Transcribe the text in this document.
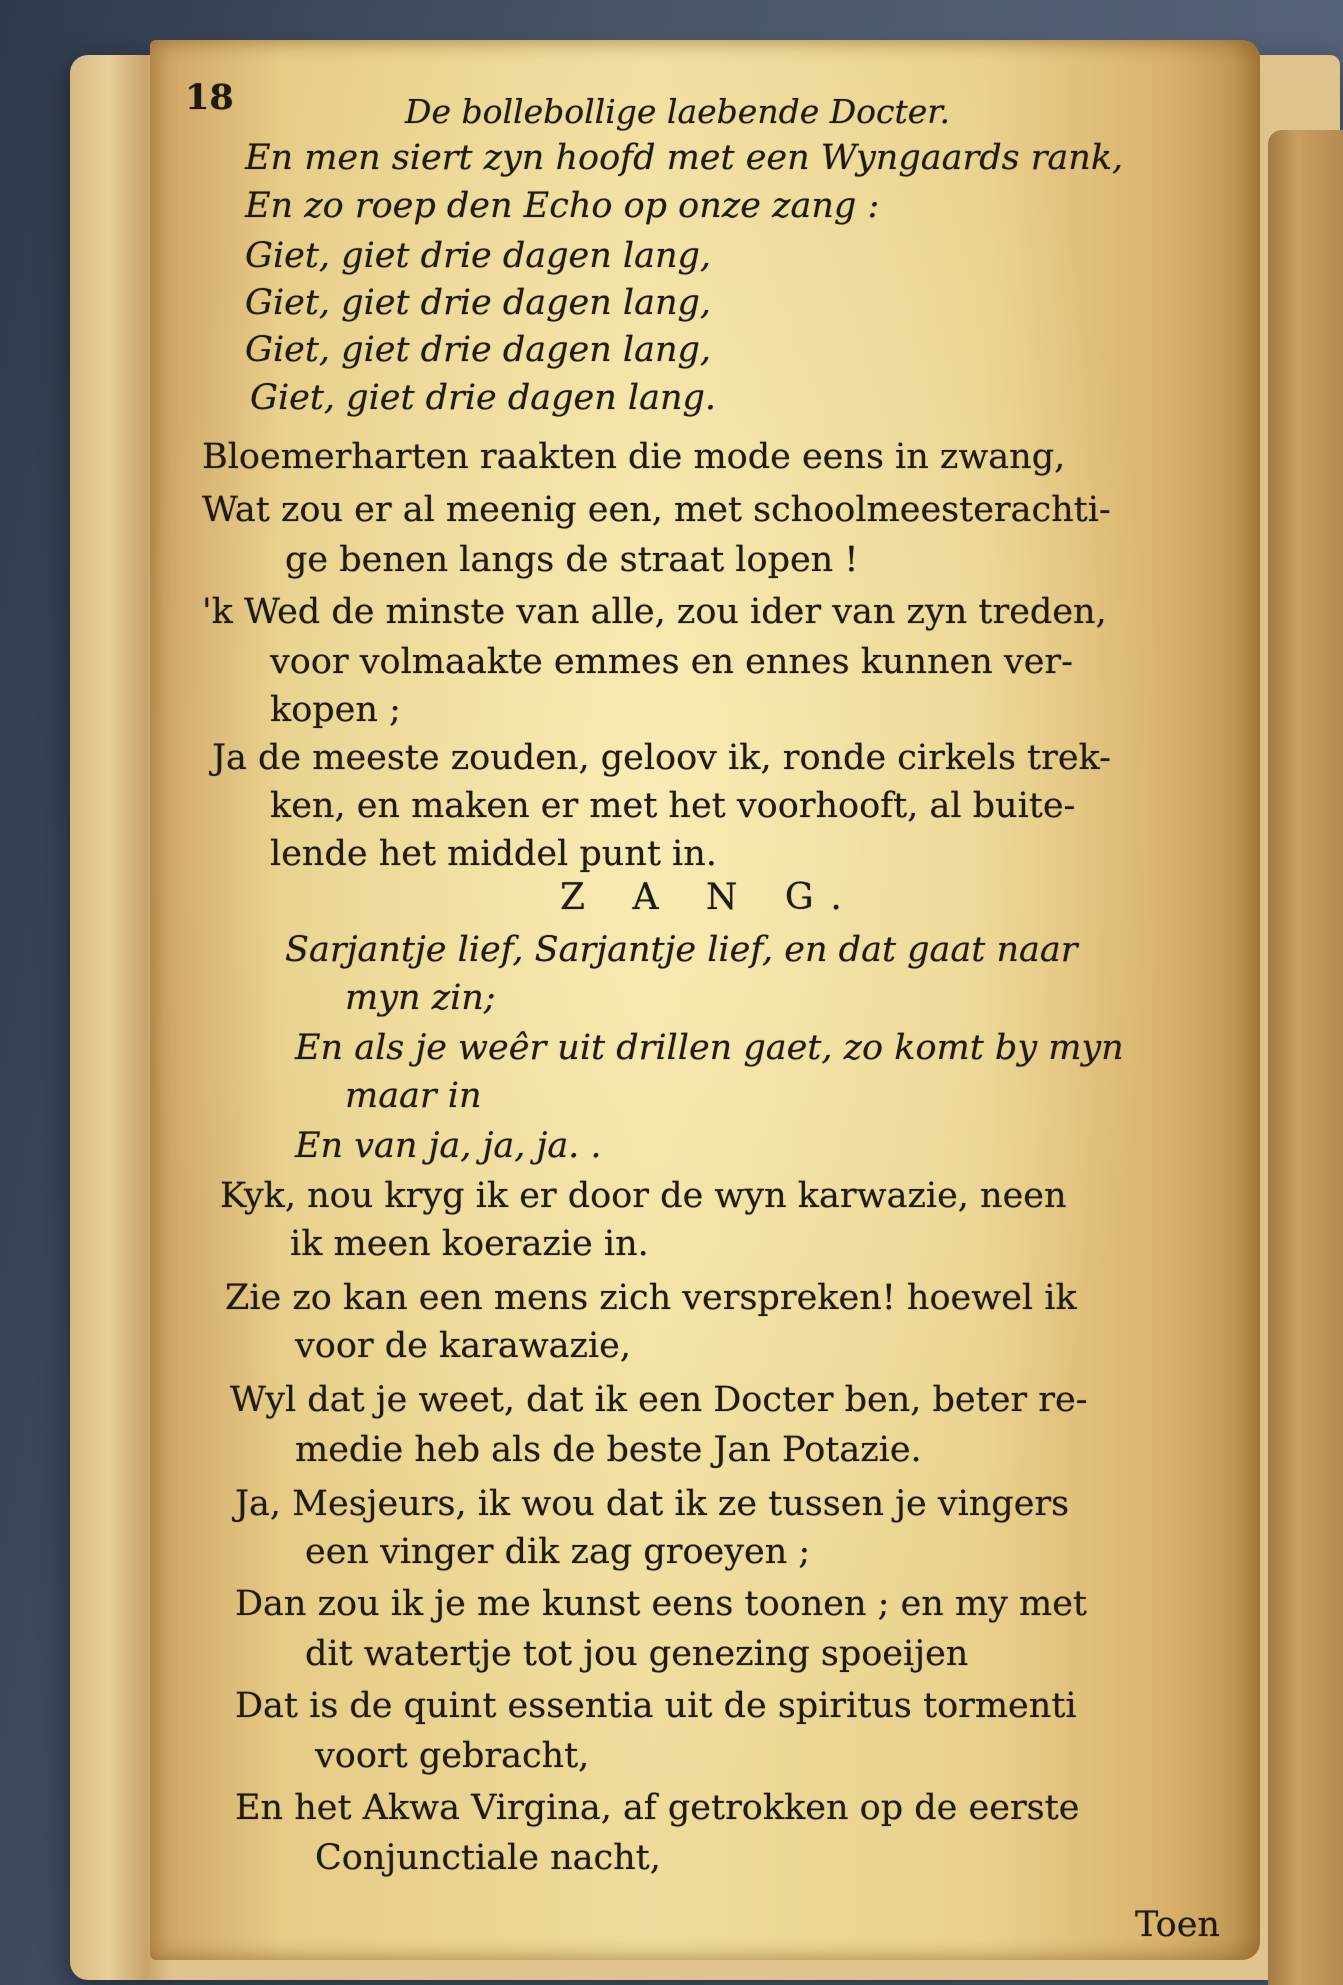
18	De bollebollige laebende Docter.
En men siert zyn hoofd met een Wyngaards rank,
En zo roep den Echo op onze zang :
Giet, giet drie dagen lang,
Giet, giet drie dagen lang,
Giet, giet drie dagen lang,
Giet, giet drie dagen lang.
Bloemerharten raakten die mode eens in zwang,
Wat zou er al meenig een, met schoolmeesterachti-
ge benen langs de straat lopen !
'k Wed de minste van alle, zou ider van zyn treden,
voor volmaakte emmes en ennes kunnen ver-
kopen ;
Ja de meeste zouden, geloov ik, ronde cirkels trek-
ken, en maken er met het voorhooft, al buite-
lende het middel punt in.
Z A N G.
Sarjantje lief, Sarjantje lief, en dat gaat naar
myn zin;
En als je weêr uit drillen gaet, zo komt by myn
maar in
En van ja, ja, ja. .
Kyk, nou kryg ik er door de wyn karwazie, neen
ik meen koerazie in.
Zie zo kan een mens zich verspreken! hoewel ik
voor de karawazie,
Wyl dat je weet, dat ik een Docter ben, beter re-
medie heb als de beste Jan Potazie.
Ja, Mesjeurs, ik wou dat ik ze tussen je vingers
een vinger dik zag groeyen ;
Dan zou ik je me kunst eens toonen ; en my met
dit watertje tot jou genezing spoeijen
Dat is de quint essentia uit de spiritus tormenti
voort gebracht,
En het Akwa Virgina, af getrokken op de eerste
Conjunctiale nacht,
Toen
